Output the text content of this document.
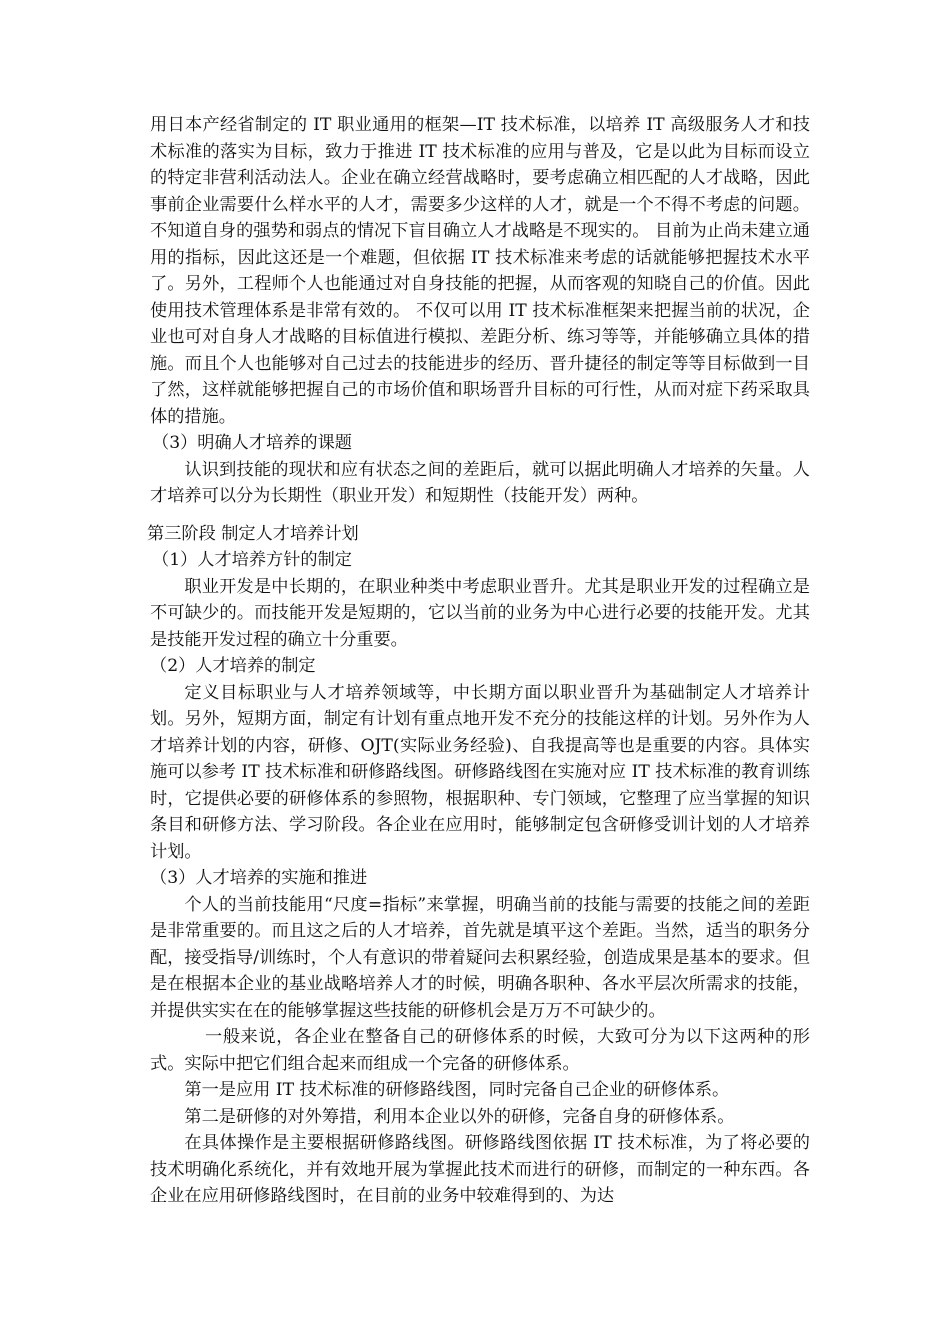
用日本产经省制定的 IT 职业通用的框架—IT 技术标准，以培养 IT 高级服务人才和技术标准的落实为目标，致力于推进 IT 技术标准的应用与普及，它是以此为目标而设立的特定非营利活动法人。企业在确立经营战略时，要考虑确立相匹配的人才战略，因此事前企业需要什么样水平的人才，需要多少这样的人才，就是一个不得不考虑的问题。不知道自身的强势和弱点的情况下盲目确立人才战略是不现实的。 目前为止尚未建立通用的指标，因此这还是一个难题，但依据 IT 技术标准来考虑的话就能够把握技术水平了。另外，工程师个人也能通过对自身技能的把握，从而客观的知晓自己的价值。因此使用技术管理体系是非常有效的。 不仅可以用 IT 技术标准框架来把握当前的状况，企业也可对自身人才战略的目标值进行模拟、差距分析、练习等等，并能够确立具体的措施。而且个人也能够对自己过去的技能进步的经历、晋升捷径的制定等等目标做到一目了然，这样就能够把握自己的市场价值和职场晋升目标的可行性，从而对症下药采取具体的措施。

（3）明确人才培养的课题

认识到技能的现状和应有状态之间的差距后，就可以据此明确人才培养的矢量。人才培养可以分为长期性（职业开发）和短期性（技能开发）两种。

第三阶段 制定人才培养计划

（1）人才培养方针的制定

职业开发是中长期的，在职业种类中考虑职业晋升。尤其是职业开发的过程确立是不可缺少的。而技能开发是短期的，它以当前的业务为中心进行必要的技能开发。尤其是技能开发过程的确立十分重要。

（2）人才培养的制定

定义目标职业与人才培养领域等，中长期方面以职业晋升为基础制定人才培养计划。另外，短期方面，制定有计划有重点地开发不充分的技能这样的计划。另外作为人才培养计划的内容，研修、OJT(实际业务经验)、自我提高等也是重要的内容。具体实施可以参考 IT 技术标准和研修路线图。研修路线图在实施对应 IT 技术标准的教育训练时，它提供必要的研修体系的参照物，根据职种、专门领域，它整理了应当掌握的知识条目和研修方法、学习阶段。各企业在应用时，能够制定包含研修受训计划的人才培养计划。

（3）人才培养的实施和推进

个人的当前技能用“尺度=指标”来掌握，明确当前的技能与需要的技能之间的差距是非常重要的。而且这之后的人才培养，首先就是填平这个差距。当然，适当的职务分配，接受指导/训练时，个人有意识的带着疑问去积累经验，创造成果是基本的要求。但是在根据本企业的基业战略培养人才的时候，明确各职种、各水平层次所需求的技能，并提供实实在在的能够掌握这些技能的研修机会是万万不可缺少的。

一般来说，各企业在整备自己的研修体系的时候，大致可分为以下这两种的形式。实际中把它们组合起来而组成一个完备的研修体系。

第一是应用 IT 技术标准的研修路线图，同时完备自己企业的研修体系。

第二是研修的对外筹措，利用本企业以外的研修，完备自身的研修体系。

在具体操作是主要根据研修路线图。研修路线图依据 IT 技术标准，为了将必要的技术明确化系统化，并有效地开展为掌握此技术而进行的研修，而制定的一种东西。各企业在应用研修路线图时，在目前的业务中较难得到的、为达
